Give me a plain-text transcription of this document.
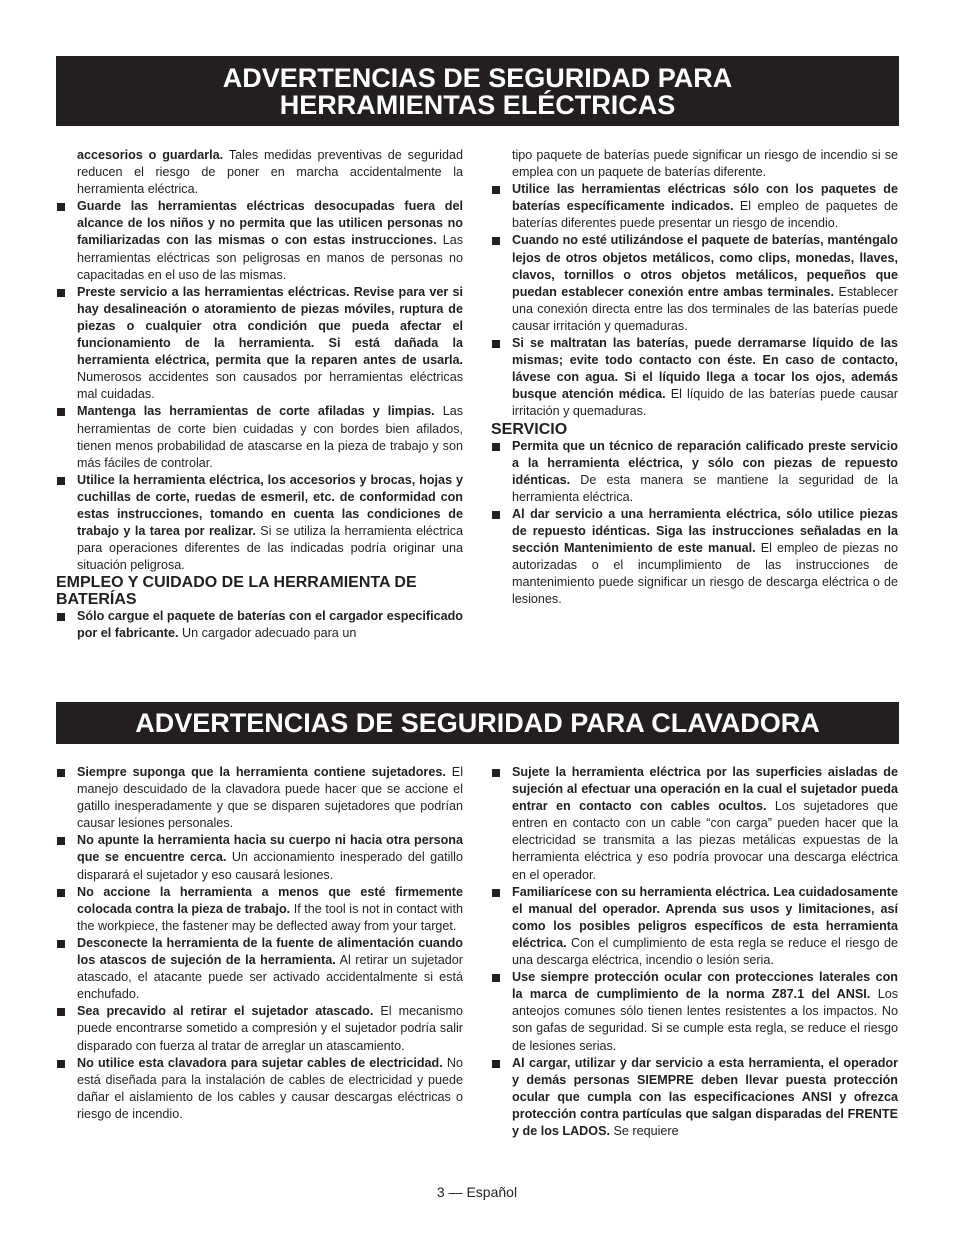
ADVERTENCIAS DE SEGURIDAD PARA
HERRAMIENTAS ELÉCTRICAS

accesorios o guardarla. Tales medidas preventivas de seguridad reducen el riesgo de poner en marcha accidentalmente la herramienta eléctrica.

Guarde las herramientas eléctricas desocupadas fuera del alcance de los niños y no permita que las utilicen personas no familiarizadas con las mismas o con estas instrucciones. Las herramientas eléctricas son peligrosas en manos de personas no capacitadas en el uso de las mismas.

Preste servicio a las herramientas eléctricas. Revise para ver si hay desalineación o atoramiento de piezas móviles, ruptura de piezas o cualquier otra condición que pueda afectar el funcionamiento de la herramienta. Si está dañada la herramienta eléctrica, permita que la reparen antes de usarla. Numerosos accidentes son causados por herramientas eléctricas mal cuidadas.

Mantenga las herramientas de corte afiladas y limpias. Las herramientas de corte bien cuidadas y con bordes bien afilados, tienen menos probabilidad de atascarse en la pieza de trabajo y son más fáciles de controlar.

Utilice la herramienta eléctrica, los accesorios y brocas, hojas y cuchillas de corte, ruedas de esmeril, etc. de conformidad con estas instrucciones, tomando en cuenta las condiciones de trabajo y la tarea por realizar. Si se utiliza la herramienta eléctrica para operaciones diferentes de las indicadas podría originar una situación peligrosa.

EMPLEO Y CUIDADO DE LA HERRAMIENTA DE BATERÍAS

Sólo cargue el paquete de baterías con el cargador especificado por el fabricante. Un cargador adecuado para un

tipo paquete de baterías puede significar un riesgo de incendio si se emplea con un paquete de baterías diferente.

Utilice las herramientas eléctricas sólo con los paquetes de baterías específicamente indicados. El empleo de paquetes de baterías diferentes puede presentar un riesgo de incendio.

Cuando no esté utilizándose el paquete de baterías, manténgalo lejos de otros objetos metálicos, como clips, monedas, llaves, clavos, tornillos o otros objetos metálicos, pequeños que puedan establecer conexión entre ambas terminales. Establecer una conexión directa entre las dos terminales de las baterías puede causar irritación y quemaduras.

Si se maltratan las baterías, puede derramarse líquido de las mismas; evite todo contacto con éste. En caso de contacto, lávese con agua. Si el líquido llega a tocar los ojos, además busque atención médica. El líquido de las baterías puede causar irritación y quemaduras.

SERVICIO

Permita que un técnico de reparación calificado preste servicio a la herramienta eléctrica, y sólo con piezas de repuesto idénticas. De esta manera se mantiene la seguridad de la herramienta eléctrica.

Al dar servicio a una herramienta eléctrica, sólo utilice piezas de repuesto idénticas. Siga las instrucciones señaladas en la sección Mantenimiento de este manual. El empleo de piezas no autorizadas o el incumplimiento de las instrucciones de mantenimiento puede significar un riesgo de descarga eléctrica o de lesiones.

ADVERTENCIAS DE SEGURIDAD PARA CLAVADORA

Siempre suponga que la herramienta contiene sujetadores. El manejo descuidado de la clavadora puede hacer que se accione el gatillo inesperadamente y que se disparen sujetadores que podrían causar lesiones personales.

No apunte la herramienta hacia su cuerpo ni hacia otra persona que se encuentre cerca. Un accionamiento inesperado del gatillo disparará el sujetador y eso causará lesiones.

No accione la herramienta a menos que esté firmemente colocada contra la pieza de trabajo. If the tool is not in contact with the workpiece, the fastener may be deflected away from your target.

Desconecte la herramienta de la fuente de alimentación cuando los atascos de sujeción de la herramienta. Al retirar un sujetador atascado, el atacante puede ser activado accidentalmente si está enchufado.

Sea precavido al retirar el sujetador atascado. El mecanismo puede encontrarse sometido a compresión y el sujetador podría salir disparado con fuerza al tratar de arreglar un atascamiento.

No utilice esta clavadora para sujetar cables de electricidad. No está diseñada para la instalación de cables de electricidad y puede dañar el aislamiento de los cables y causar descargas eléctricas o riesgo de incendio.

Sujete la herramienta eléctrica por las superficies aisladas de sujeción al efectuar una operación en la cual el sujetador pueda entrar en contacto con cables ocultos. Los sujetadores que entren en contacto con un cable “con carga” pueden hacer que la electricidad se transmita a las piezas metálicas expuestas de la herramienta eléctrica y eso podría provocar una descarga eléctrica en el operador.

Familiarícese con su herramienta eléctrica. Lea cuidadosamente el manual del operador. Aprenda sus usos y limitaciones, así como los posibles peligros específicos de esta herramienta eléctrica. Con el cumplimiento de esta regla se reduce el riesgo de una descarga eléctrica, incendio o lesión seria.

Use siempre protección ocular con protecciones laterales con la marca de cumplimiento de la norma Z87.1 del ANSI. Los anteojos comunes sólo tienen lentes resistentes a los impactos. No son gafas de seguridad. Si se cumple esta regla, se reduce el riesgo de lesiones serias.

Al cargar, utilizar y dar servicio a esta herramienta, el operador y demás personas SIEMPRE deben llevar puesta protección ocular que cumpla con las especificaciones ANSI y ofrezca protección contra partículas que salgan disparadas del FRENTE y de los LADOS. Se requiere

3 — Español
